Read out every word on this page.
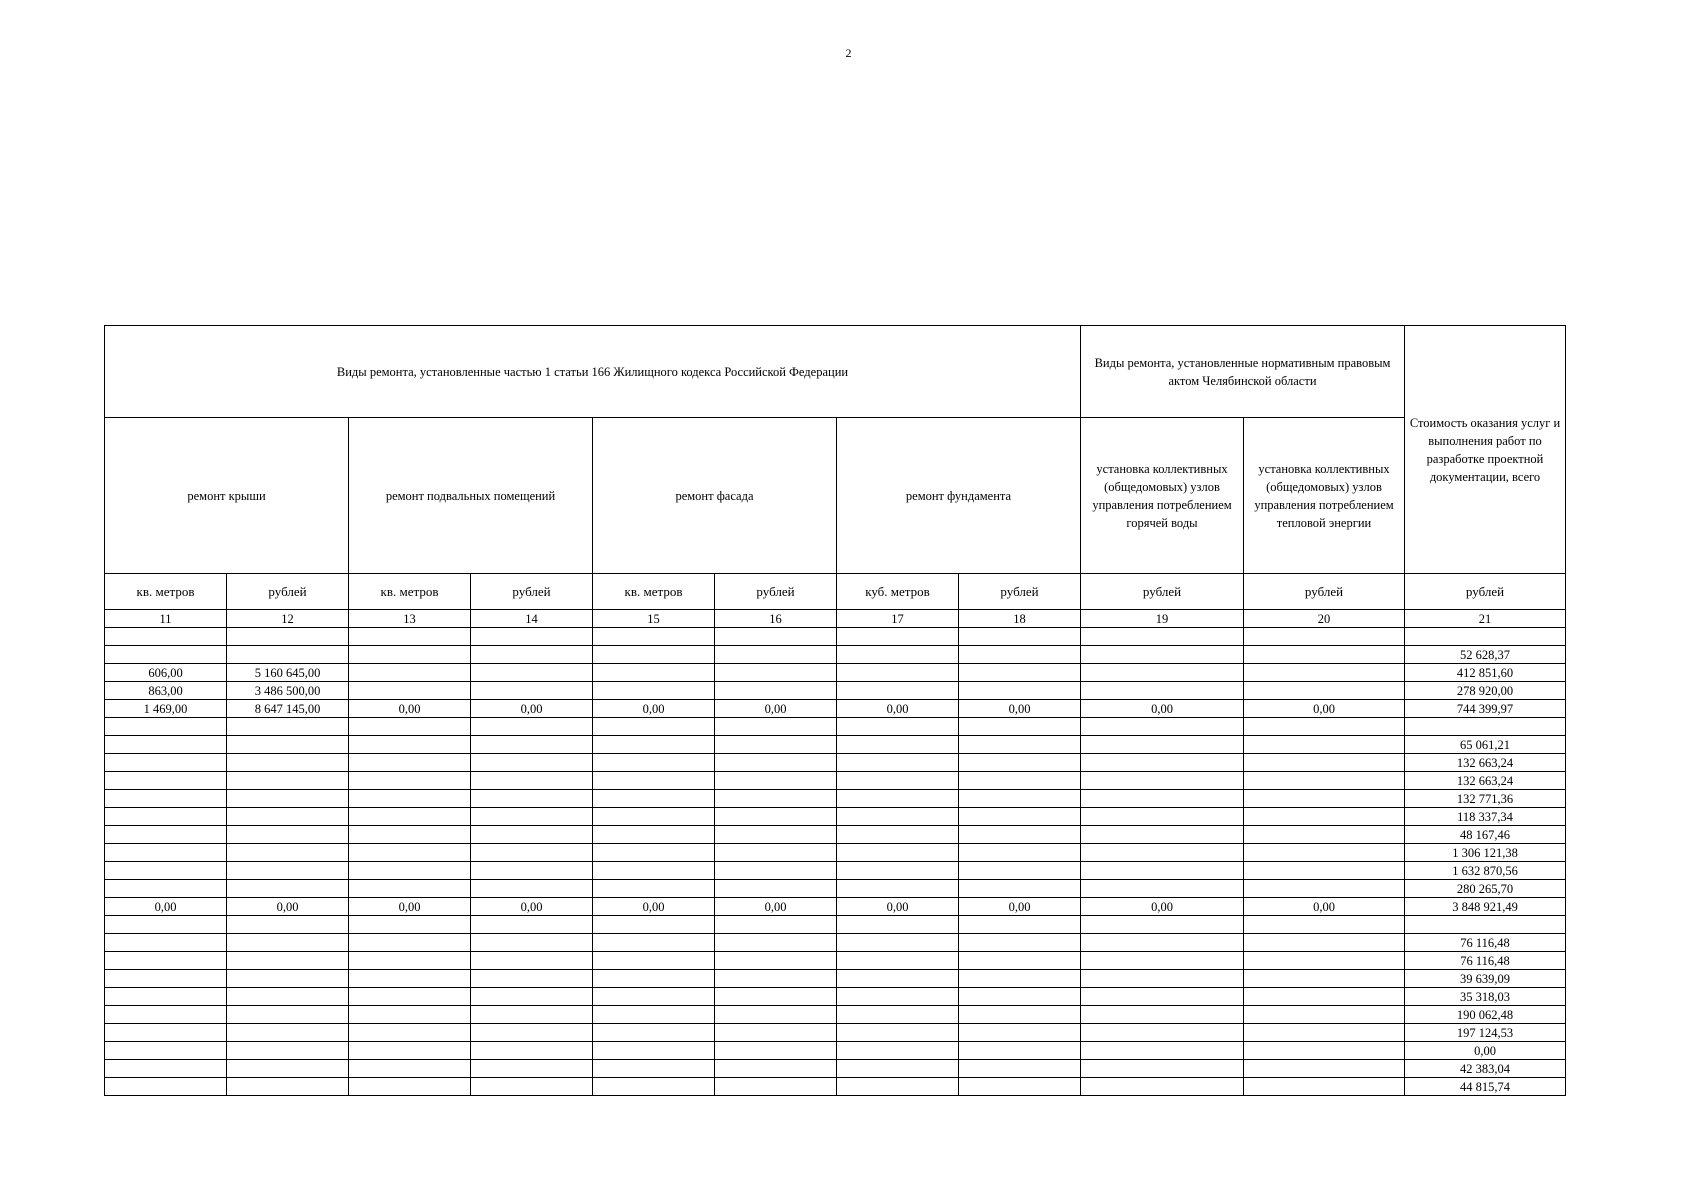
2
Виды ремонта, установленные частью 1 статьи 166 Жилищного кодекса Российской Федерации								Виды ремонта, установленные нормативным правовым актом Челябинской области		Стоимость оказания услуг и выполнения работ по разработке проектной документации, всего
ремонт крыши		ремонт подвальных помещений		ремонт фасада		ремонт фундамента		установка коллективных (общедомовых) узлов управления потреблением горячей воды	установка коллективных (общедомовых) узлов управления потреблением тепловой энергии	
кв. метров	рублей	кв. метров	рублей	кв. метров	рублей	куб. метров	рублей	рублей	рублей	рублей
11	12	13	14	15	16	17	18	19	20	21

										52 628,37
606,00	5 160 645,00									412 851,60
863,00	3 486 500,00									278 920,00
1 469,00	8 647 145,00	0,00	0,00	0,00	0,00	0,00	0,00	0,00	0,00	744 399,97

										65 061,21
										132 663,24
										132 663,24
										132 771,36
										118 337,34
										48 167,46
										1 306 121,38
										1 632 870,56
										280 265,70
0,00	0,00	0,00	0,00	0,00	0,00	0,00	0,00	0,00	0,00	3 848 921,49

										76 116,48
										76 116,48
										39 639,09
										35 318,03
										190 062,48
										197 124,53
										0,00
										42 383,04
										44 815,74
